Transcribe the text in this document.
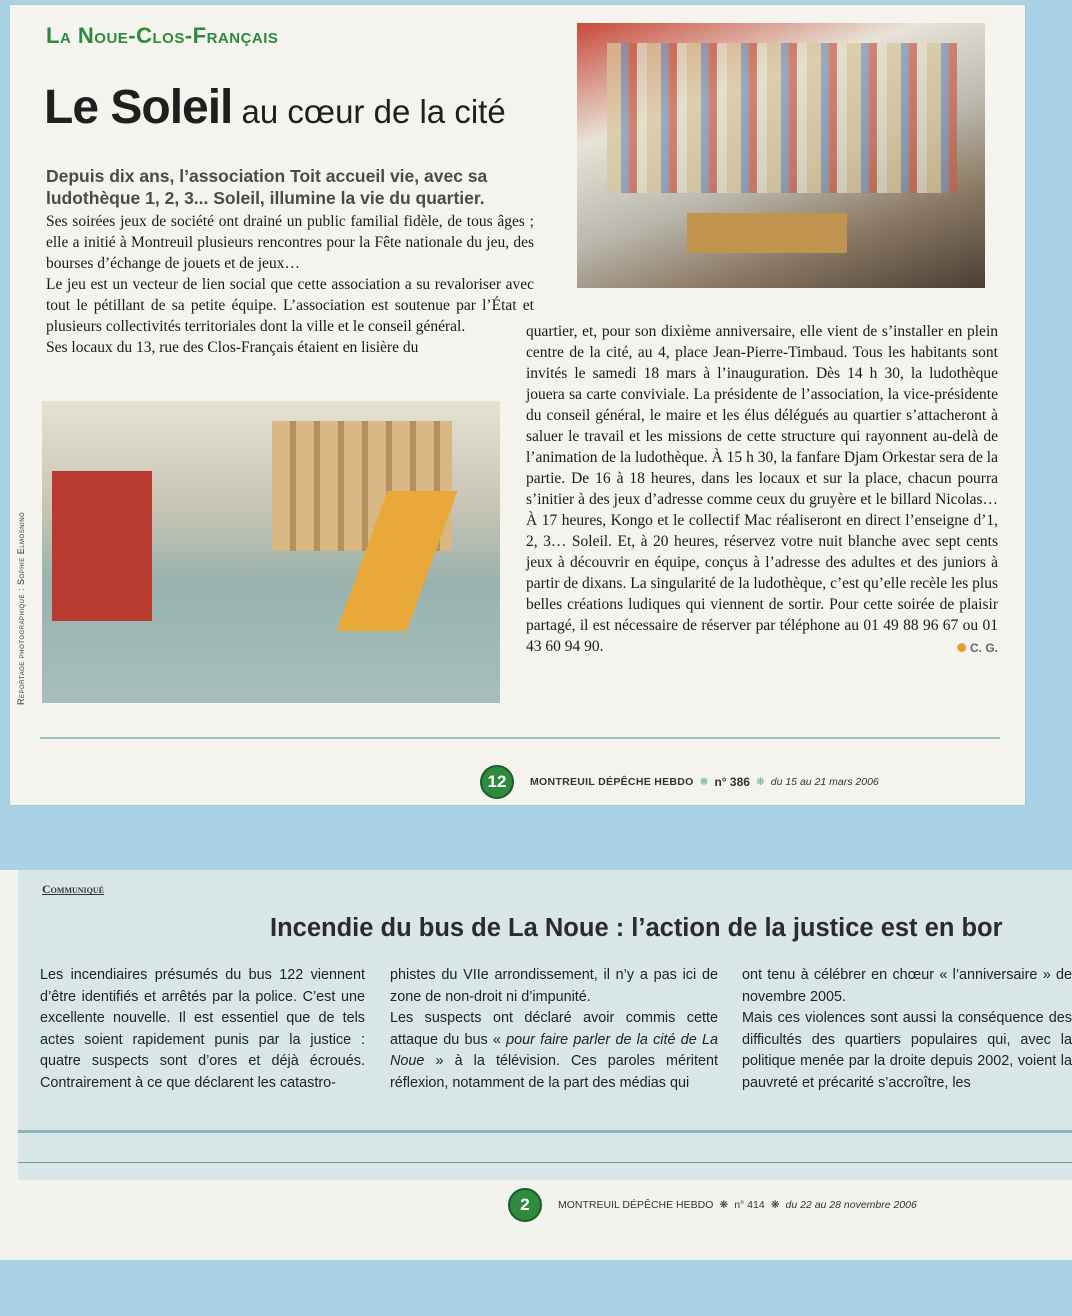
La Noue-Clos-Français
Le Soleil au cœur de la cité

Depuis dix ans, l’association Toit accueil vie, avec sa ludothèque 1, 2, 3... Soleil, illumine la vie du quartier.

Ses soirées jeux de société ont drainé un public familial fidèle, de tous âges ; elle a initié à Montreuil plusieurs rencontres pour la Fête nationale du jeu, des bourses d’échange de jouets et de jeux…

Le jeu est un vecteur de lien social que cette association a su revaloriser avec tout le pétillant de sa petite équipe. L’association est soutenue par l’État et plusieurs collectivités territoriales dont la ville et le conseil général.

Ses locaux du 13, rue des Clos-Français étaient en lisière du

Reportage photographique : Sophie Elmosnino

quartier, et, pour son dixième anniversaire, elle vient de s’installer en plein centre de la cité, au 4, place Jean-Pierre-Timbaud. Tous les habitants sont invités le samedi 18 mars à l’inauguration. Dès 14 h 30, la ludothèque jouera sa carte conviviale. La présidente de l’association, la vice-présidente du conseil général, le maire et les élus délégués au quartier s’attacheront à saluer le travail et les missions de cette structure qui rayonnent au-delà de l’animation de la ludothèque. À 15 h 30, la fanfare Djam Orkestar sera de la partie. De 16 à 18 heures, dans les locaux et sur la place, chacun pourra s’initier à des jeux d’adresse comme ceux du gruyère et le billard Nicolas… À 17 heures, Kongo et le collectif Mac réaliseront en direct l’enseigne d’1, 2, 3… Soleil. Et, à 20 heures, réservez votre nuit blanche avec sept cents jeux à découvrir en équipe, conçus à l’adresse des adultes et des juniors à partir de dixans. La singularité de la ludothèque, c’est qu’elle recèle les plus belles créations ludiques qui viennent de sortir. Pour cette soirée de plaisir partagé, il est nécessaire de réserver par téléphone au 01 49 88 96 67 ou 01 43 60 94 90.	✺ C. G.

12	MONTREUIL DÉPÊCHE HEBDO ❋ n° 386 ❋ du 15 au 21 mars 2006
Communiqué
Incendie du bus de La Noue : l’action de la justice est en bor

Les incendiaires présumés du bus 122 viennent d’être identifiés et arrêtés par la police. C’est une excellente nouvelle. Il est essentiel que de tels actes soient rapidement punis par la justice : quatre suspects sont d’ores et déjà écroués. Contrairement à ce que déclarent les catastro-

phistes du VIIe arrondissement, il n’y a pas ici de zone de non-droit ni d’impunité.
Les suspects ont déclaré avoir commis cette attaque du bus « pour faire parler de la cité de La Noue » à la télévision. Ces paroles méritent réflexion, notamment de la part des médias qui
ont tenu à célébrer en chœur « l’anniversaire » de novembre 2005.
Mais ces violences sont aussi la conséquence des difficultés des quartiers populaires qui, avec la politique menée par la droite depuis 2002, voient la pauvreté et précarité s’accroître, les
2	MONTREUIL DÉPÊCHE HEBDO ❋ n° 414 ❋ du 22 au 28 novembre 2006
